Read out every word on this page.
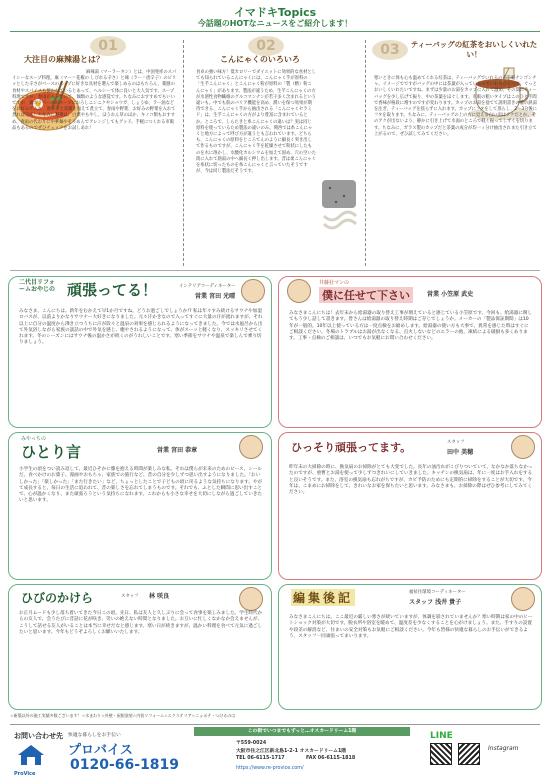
イマドキTopics
今話題のHOTなニュースをご紹介します！
01
大注目の麻辣湯とは？
麻辣湯（マーラータン）とは、中国発祥のスパイシーなスープ料理。麻（マー＝花椒の しびれる辛さ）と辣（ラー＝唐辛子）のピリッとした辛さがベースのスープに好きな具材を選んで楽しめるのはもちろん、薬膳の食材やスパイスも使われているとあって、ヘルシーで体に良いと大人気です。スープ料理ですが、春雨が入っていて、麺類のような感覚です。ちなみにおすすめでもいいですが、鍋ガラベースのスープにおろしニンニクやショウガ、しょうゆ、ラー油などをお好みで入れ、唐辛子と花椒を加えて煮立て、春雨や野菜、お好みの野菜を入れて煮れば完成！ちなみに野菜は、白菜やもやし、ほうれん草のほか、キノコ類もおすすめ。春雨の代わりに中華麺やそうめんでアレンジしてもグッド。手軽につくれる市販品もあるのでぜひチェックをお試しあれ！
02
こんにゃくのいろいろ
食卓の強い味方！低カロリーでダイエットに効果的な食材としても知られているこんにゃくには、こんにゃく芋が原料の「生芋こんにゃく」とこんにゃく粉が原料の「製（精）粉こんにゃく」があります。製法が違うため、生芋こんにゃくの方が水溶性食物繊維のグルコマンナンが若干多く含まれるという違いも。中でも肌のバリア機能を高め、潤いを保つ効果が期待できる、こんにゃく芋から抽出される「こんにゃくセラミド」は、生芋こんにゃくの方がより豊富に含まれているとか。ところで、しらたきと糸こんにゃくの違いは？実は同じ原料を使っているため製法の違いのみ。関西では糸こんにゃくと地方によって呼び方が違うとも言われています。どちらも、こんにゃくの原料をところてんのように細長く突き出して作るものですが、こんにゃく芋を乾燥させて粉状にしたものを水に溶かし、水酸化カルシウムを加えて固め、穴の空いた筒に入れて熱湯の中へ細長く押し出します。昔は柔こんにゃくを糸状に切ったものを糸こんにゃくと言っていたそうですが、今は同じ製法だそうです。
03	ティーバッグの紅茶をおいしくいれたい！
寒いときに体も心も温めてくれる紅茶は、ティーバッグでいれるのが手軽ナンゴンチャ。イメージでですがバッグの中には茶葉が入っているのでいれ方ひとつで、ぐっとおいしくいれたいですね。まずは少量のお湯をカップに入れて温め、その間にティーバッグを少し広げて振り、中の茶葉をほぐします。市販の粗いタイプはこのひと手間で香味が格段に増すのですが変わります。カップのお湯を捨てて説明書きの量の熱湯を注ぎ、ティーバッグを揺らずに入れます。カップにフタをして蒸らし、2～3分後にフタを取ります。ちなみに、ティーバッグの上の方に見える白い泪はアクだとか。そのアクが出ないよう、静かに引き上げて水面のところで軽く振ってしずくを切ります。ちなみに、ガラス製のカップだと茶葉の成分が均一ィ分け抽出されまた引き立て上がるので、ぜひ試してみてください。
二代目リフォームおやじの 頑張ってる！	インテリアコーディネーター
営業 宮田 光晴
みなさま、こんにちは。新年をむかえて早1か月ですね。どうお過ごしでしょうか!? 私は年々すみ続けるサウナや加湿ロバスが、以前よりかなりサウナー大好きになりました。元々汗かきなので入ってすぐに大量の汗が流れますが、それ以上に自分の温度から沸き立つうちに汗が段々と温泉の効果を感じられるようになってきました。今では水風呂から出て外気浴しながら家族の談話の中で外気を感じ、癒やされるようになって、体がスーッと軽くなり、スッキリさせてくれます。冬のシーズンにはサウナ後の温かさが続くのがうれしいことです。寒い季節をサウナや温泉で楽しんで乗り切りましょう。
井藤社マンの
僕に任せて下さい	営業 小笠原 武史
みなさまこんにちは！去年末から給湯器の取り替え工事が増えていると感じている小笠原です。今回も、給湯器に関してもう少し話して書きます。皆さんは給湯器の取り替え時期はご存じでしょうか。メーカーの「製品保証期間」は10年が一般的。10年以上使っている方は一度点検をお勧めします。給湯器の使い方も大事で、異常を感じた時はすぐにご相談ください。冬場のトラブルはお湯が出なくなる、点火しないなどのエラーの他、凍結による破損も多くあります。工事・点検のご相談は、いつでもお気軽にお問い合わせください。
みやっちの
ひとり言	営業 宮田 恭章
小学生の頃をつい読み返して、最近ひそかに膝を抱える時間が楽しみな私。それは僕らが未来のためのピース、シールだ。食べかけのお菓子、漫画やおもちゃ、家族での旅行など、昔の自分を少しずつ思い出すようになりました。「おいしかった」「楽しかった」「また行きたい」など、ちょっとしたことで子どもの頃に戻るような気持ちになります。やがて成長すると、毎日の生活に追われて、昔の楽しさを忘れてしまうものです。それでも、ふとした瞬間に思い出すことで、心が温かくなり、また頑張ろうという気持ちになれます。これからも小さな幸せを大切にしながら過ごしていきたいと思います。
ひっそり頑張ってます。	スタッフ
田中 美穂
昨年末の大掃除の時に、換気扇のお掃除がとても大変でした。長年の油汚れがこびりついていて、なかなか落ちなかったのですが、重曹とお湯を使って少しずつきれいにしていきました。キッチンの換気扇は、年に一度はお手入れをすると良いそうです。また、浴室の換気扇も忘れがちですが、カビ予防のためにも定期的に掃除をすることが大切です。今年は、こまめにお掃除をして、きれいなお家を保ちたいと思います。みなさまも、お掃除の際はぜひ参考にしてみてください。
ひびのかけら	スタッフ 林 咲良
お正月ムードも少し落ち着いてきた今日この頃。先日、私は友人と久しぶりに会って食事を楽しみました。学生時代からの友人で、会うたびに昔話に花が咲き、笑いの絶えない時間となりました。お互いに忙しくなかなか会えませんが、こうして話せる友人がいることは本当に幸せだなと感じます。寒い日が続きますが、温かい料理を食べて元気に過ごしたいと思います。今年もどうぞよろしくお願いいたします。
編集後記	福祉住環境コーディネーター
スタッフ 浅井 貴子
みなさまこんにちは。ここ最近の厳しい寒さが続いていますが、体調を崩されていませんか？寒い時期は家の中のヒートショック対策が大切です。脱衣所や浴室を暖めて、温度差を少なくすることを心がけましょう。また、手すりの設置や段差の解消など、住まいの安全対策もお気軽にご相談ください。今年も皆様の快適な暮らしのお手伝いができるよう、スタッフ一同頑張ってまいります。
☆新築以外の施工実績多数ございます！☆水まわり☆外壁・屋根塗装☆内装リフォーム☆エクステリア☆ニョポテ・つけるのは
お問い合わせ先
ProVice
快適な暮らしをお手伝い
プロバイス
0120-66-1819
この街でいつまでもずっと…オスカードリーム1階
〒559-0024
大阪市住之江区新北島1-2-1 オスカードリーム1階
TEL 06-6115-1717	FAX 06-6115-1818
https://www.re-provice.com/
LINE
Instagram
